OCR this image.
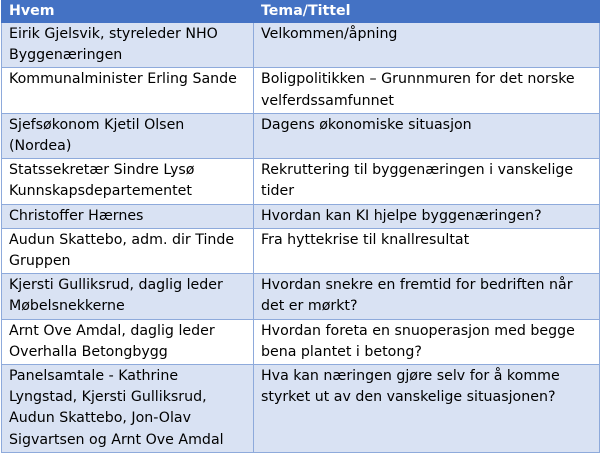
Hvem	Tema/Tittel
Eirik Gjelsvik, styreleder NHO Byggenæringen	Velkommen/åpning
Kommunalminister Erling Sande	Boligpolitikken – Grunnmuren for det norske velferdssamfunnet
Sjefsøkonom Kjetil Olsen (Nordea)	Dagens økonomiske situasjon
Statssekretær Sindre Lysø Kunnskapsdepartementet	Rekruttering til byggenæringen i vanskelige tider
Christoffer Hærnes	Hvordan kan KI hjelpe byggenæringen?
Audun Skattebo, adm. dir Tinde Gruppen	Fra hyttekrise til knallresultat
Kjersti Gulliksrud, daglig leder Møbelsnekkerne	Hvordan snekre en fremtid for bedriften når det er mørkt?
Arnt Ove Amdal, daglig leder Overhalla Betongbygg	Hvordan foreta en snuoperasjon med begge bena plantet i betong?
Panelsamtale - Kathrine Lyngstad, Kjersti Gulliksrud, Audun Skattebo, Jon-Olav Sigvartsen og Arnt Ove Amdal	Hva kan næringen gjøre selv for å komme styrket ut av den vanskelige situasjonen?
